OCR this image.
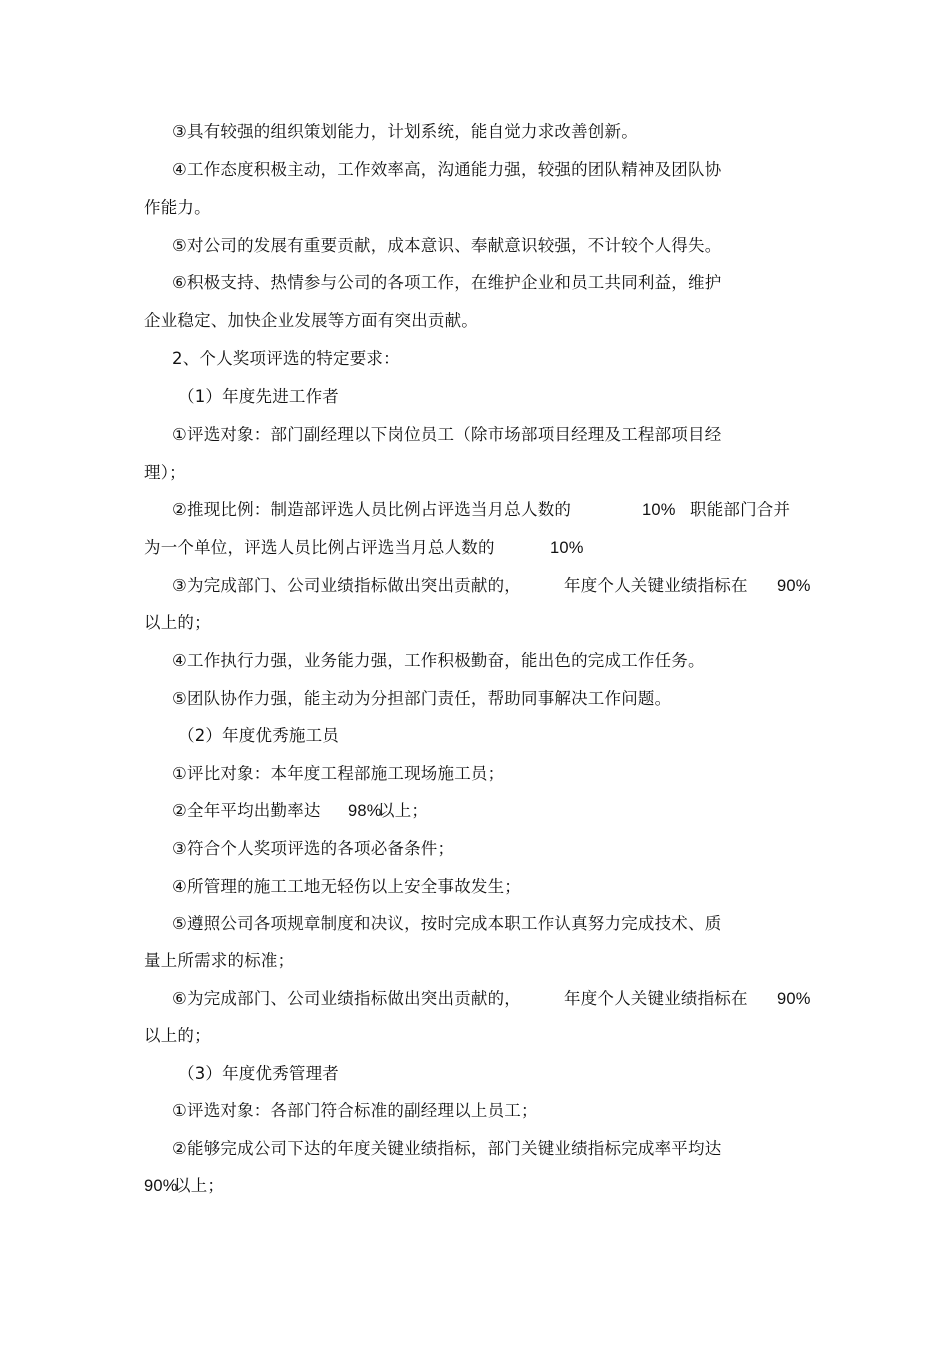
③具有较强的组织策划能力，计划系统，能自觉力求改善创新。

④工作态度积极主动，工作效率高，沟通能力强，较强的团队精神及团队协

作能力。

⑤对公司的发展有重要贡献，成本意识、奉献意识较强，不计较个人得失。

⑥积极支持、热情参与公司的各项工作，在维护企业和员工共同利益，维护

企业稳定、加快企业发展等方面有突出贡献。

2、个人奖项评选的特定要求：

（1）年度先进工作者

①评选对象：部门副经理以下岗位员工（除市场部项目经理及工程部项目经

理）；

②推现比例：制造部评选人员比例占评选当月总人数的

	10%

职能部门合并

为一个单位，评选人员比例占评选当月总人数的

	10%

③为完成部门、公司业绩指标做出突出贡献的，

	年度个人关键业绩指标在

90%

以上的；

④工作执行力强，业务能力强，工作积极勤奋，能出色的完成工作任务。

⑤团队协作力强，能主动为分担部门责任，帮助同事解决工作问题。

（2）年度优秀施工员

①评比对象：本年度工程部施工现场施工员；

②全年平均出勤率达

98%

以上；

③符合个人奖项评选的各项必备条件；

④所管理的施工工地无轻伤以上安全事故发生；

⑤遵照公司各项规章制度和决议，按时完成本职工作认真努力完成技术、质

量上所需求的标准；

⑥为完成部门、公司业绩指标做出突出贡献的，

	年度个人关键业绩指标在

90%

以上的；

（3）年度优秀管理者

①评选对象：各部门符合标准的副经理以上员工；

②能够完成公司下达的年度关键业绩指标，部门关键业绩指标完成率平均达

90%

以上；
